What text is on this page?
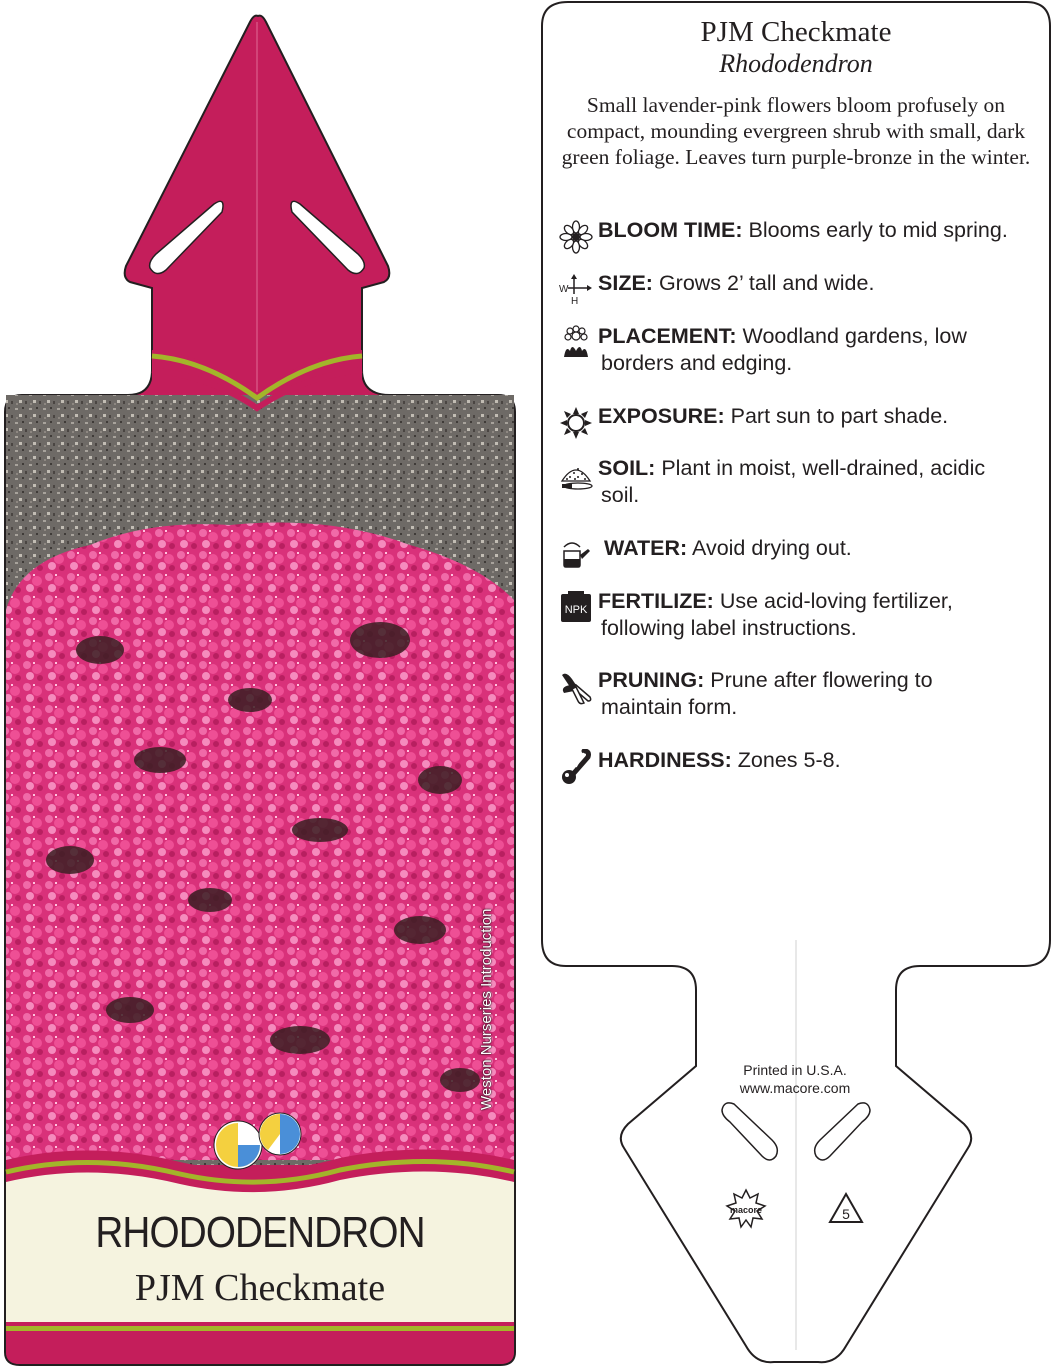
Weston Nurseries Introduction
RHODODENDRON
PJM Checkmate
macore	5
PJM Checkmate
Rhododendron
Small lavender-pink flowers bloom profusely on compact, mounding evergreen shrub with small, dark green foliage. Leaves turn purple-bronze in the winter.
BLOOM TIME: Blooms early to mid spring.
W
H
SIZE: Grows 2’ tall and wide.
PLACEMENT: Woodland gardens, low
borders and edging.
EXPOSURE: Part sun to part shade.
SOIL: Plant in moist, well-drained, acidic
soil.
WATER: Avoid drying out.
NPK FERTILIZE: Use acid-loving fertilizer,
following label instructions.
PRUNING: Prune after flowering to
maintain form.
HARDINESS: Zones 5-8.
Printed in U.S.A.
www.macore.com
